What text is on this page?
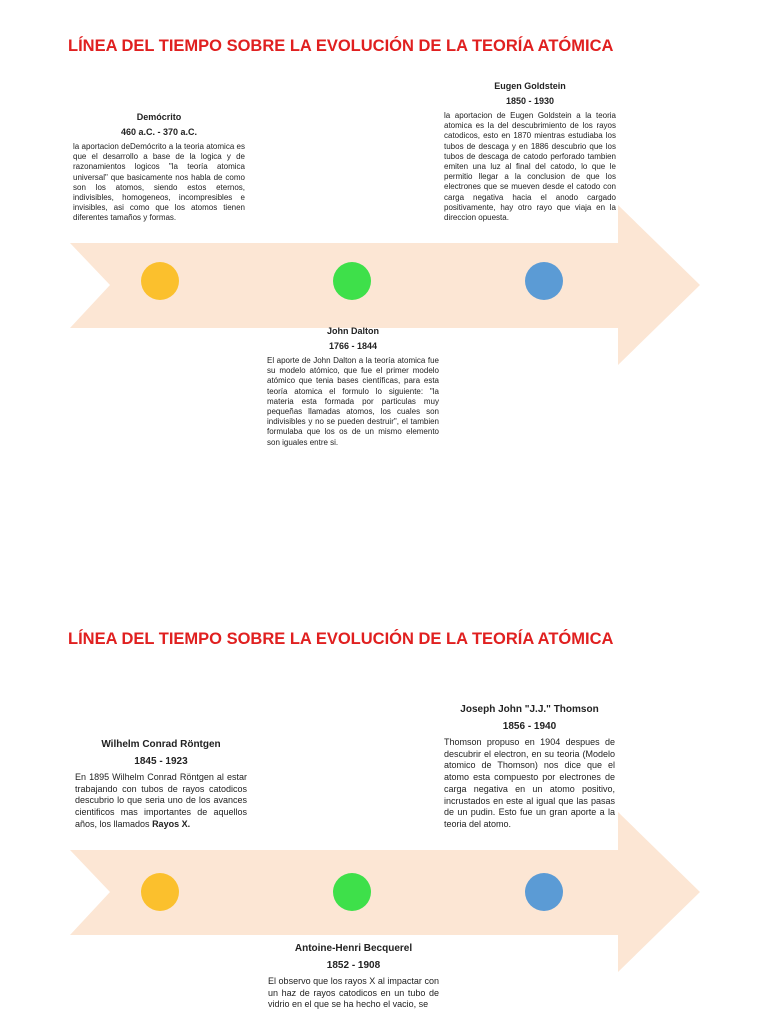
LÍNEA DEL TIEMPO SOBRE LA EVOLUCIÓN DE LA TEORÍA ATÓMICA
Demócrito
460 a.C. - 370 a.C.
la aportacion deDemócrito a la teoria atomica es que el desarrollo a base de la logica y de razonamientos logicos "la teoría atomica universal" que basicamente nos habla de como son los atomos, siendo estos eternos, indivisibles, homogeneos, incompresibles e invisibles, asi como que los atomos tienen diferentes tamaños y formas.
John Dalton
1766 - 1844
El aporte de John Dalton a la teoría atomica fue su modelo atómico, que fue el primer modelo atómico que tenia bases científicas, para esta teoría atomica el formulo lo siguiente: "la materia esta formada por particulas muy pequeñas llamadas atomos, los cuales son indivisibles y no se pueden destruir", el tambien formulaba que los os de un mismo elemento son iguales entre si.
Eugen Goldstein
1850 - 1930
la aportacion de Eugen Goldstein a la teoria atomica es la del descubrimiento de los rayos catodicos, esto en 1870 mientras estudiaba los tubos de descaga y en 1886 descubrio que los tubos de descaga de catodo perforado tambien emiten una luz al final del catodo, lo que le permitio llegar a la conclusion de que los electrones que se mueven desde el catodo con carga negativa hacia el anodo cargado positivamente, hay otro rayo que viaja en la direccion opuesta.
LÍNEA DEL TIEMPO SOBRE LA EVOLUCIÓN DE LA TEORÍA ATÓMICA
Wilhelm Conrad Röntgen
1845 - 1923
En 1895 Wilhelm Conrad Röntgen al estar trabajando con tubos de rayos catodicos descubrio lo que seria uno de los avances cientificos mas importantes de aquellos años, los llamados Rayos X.
Antoine-Henri Becquerel
1852 - 1908
El observo que los rayos X al impactar con un haz de rayos catodicos en un tubo de vidrio en el que se ha hecho el vacio, se
Joseph John "J.J." Thomson
1856 - 1940
Thomson propuso en 1904 despues de descubrir el electron, en su teoria (Modelo atomico de Thomson) nos dice que el atomo esta compuesto por electrones de carga negativa en un atomo positivo, incrustados en este al igual que las pasas de un pudin. Esto fue un gran aporte a la teoria del atomo.
